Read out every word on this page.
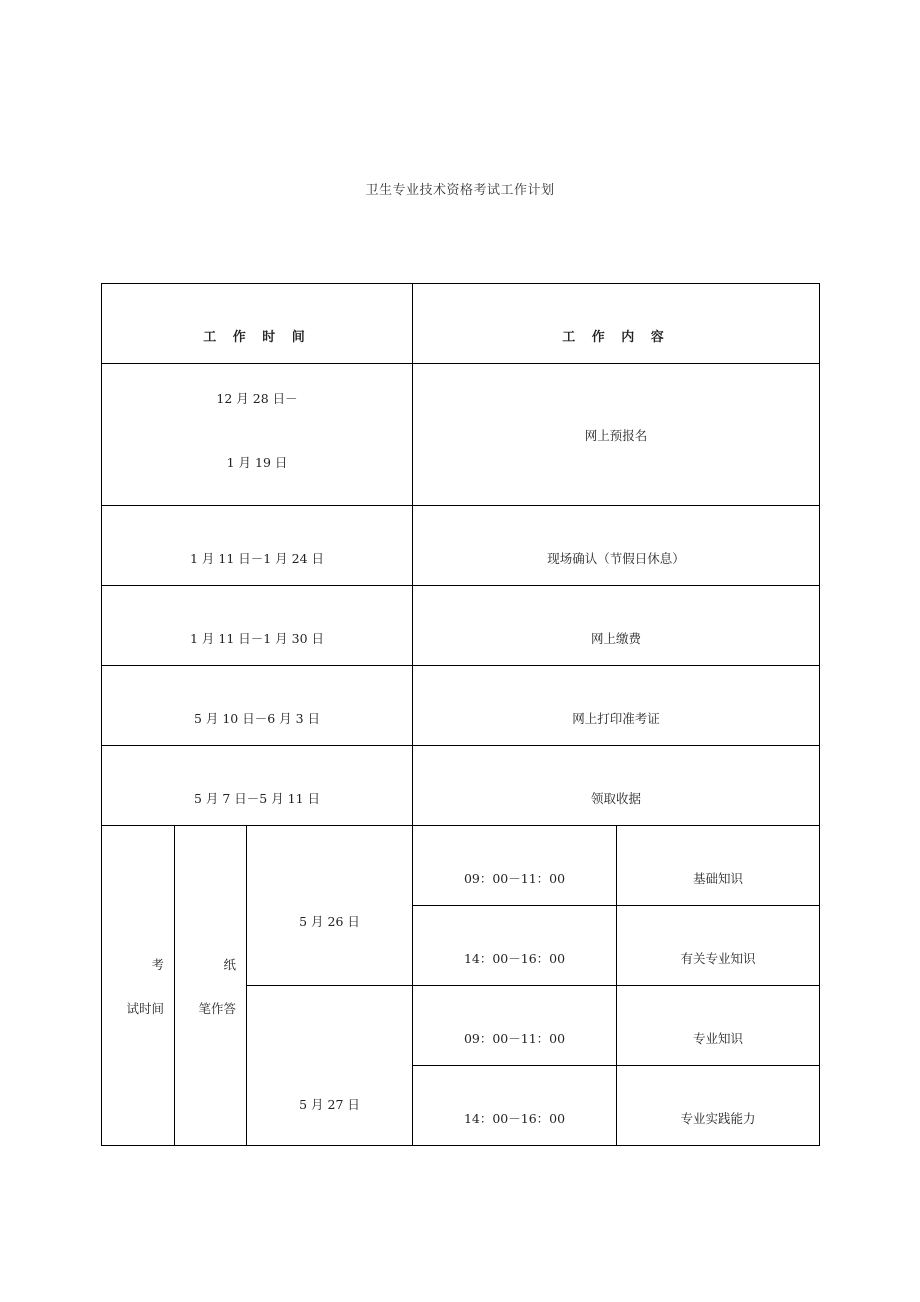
卫生专业技术资格考试工作计划
工 作 时 间			工 作 内 容	

12 月 28 日－
1 月 19 日			网上预报名	
1 月 11 日－1 月 24 日			现场确认（节假日休息）	
1 月 11 日－1 月 30 日			网上缴费	
5 月 10 日－6 月 3 日			网上打印准考证	
5 月 7 日－5 月 11 日			领取收据	

考
试时间	纸
笔作答	5 月 26 日	09：00－11：00	基础知识
			14：00－16：00	有关专业知识
		5 月 27 日	09：00－11：00	专业知识
			14：00－16：00	专业实践能力
